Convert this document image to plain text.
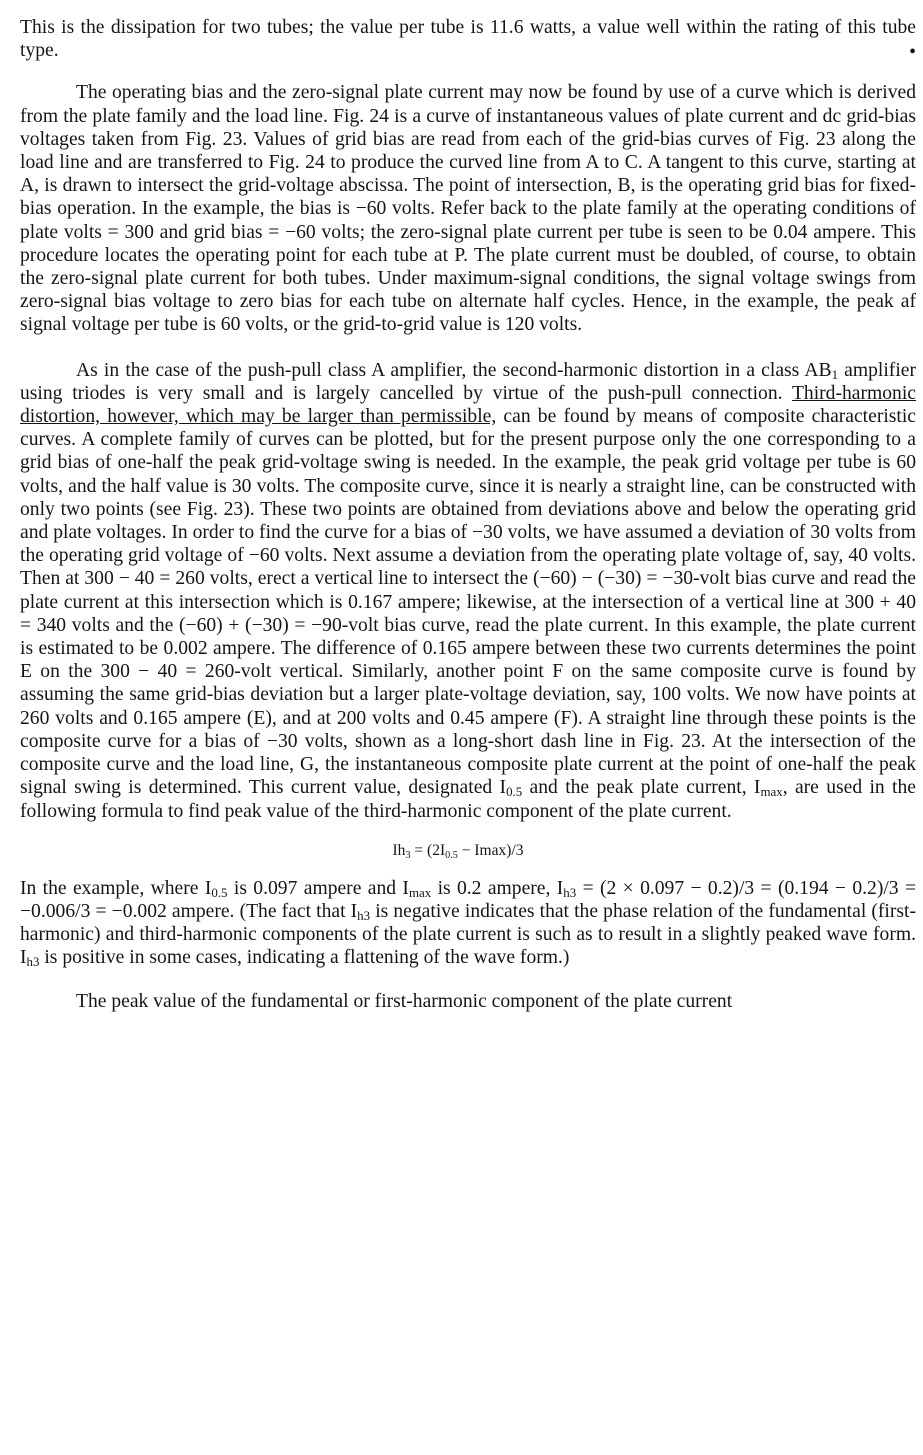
This is the dissipation for two tubes; the value per tube is 11.6 watts, a value well within the rating of this tube type.	•

The operating bias and the zero-signal plate current may now be found by use of a curve which is derived from the plate family and the load line. Fig. 24 is a curve of instantaneous values of plate current and dc grid-bias voltages taken from Fig. 23. Values of grid bias are read from each of the grid-bias curves of Fig. 23 along the load line and are transferred to Fig. 24 to produce the curved line from A to C. A tangent to this curve, starting at A, is drawn to intersect the grid-voltage abscissa. The point of intersection, B, is the operating grid bias for fixed-bias operation. In the example, the bias is −60 volts. Refer back to the plate family at the operating conditions of plate volts = 300 and grid bias = −60 volts; the zero-signal plate current per tube is seen to be 0.04 ampere. This procedure locates the operating point for each tube at P. The plate current must be doubled, of course, to obtain the zero-signal plate current for both tubes. Under maximum-signal conditions, the signal voltage swings from zero-signal bias voltage to zero bias for each tube on alternate half cycles. Hence, in the example, the peak af signal voltage per tube is 60 volts, or the grid-to-grid value is 120 volts.

As in the case of the push-pull class A amplifier, the second-harmonic distortion in a class $AB_1$ amplifier using triodes is very small and is largely cancelled by virtue of the push-pull connection. Third-harmonic distortion, however, which may be larger than permissible, can be found by means of composite characteristic curves. A complete family of curves can be plotted, but for the present purpose only the one corresponding to a grid bias of one-half the peak grid-voltage swing is needed. In the example, the peak grid voltage per tube is 60 volts, and the half value is 30 volts. The composite curve, since it is nearly a straight line, can be constructed with only two points (see Fig. 23). These two points are obtained from deviations above and below the operating grid and plate voltages. In order to find the curve for a bias of −30 volts, we have assumed a deviation of 30 volts from the operating grid voltage of −60 volts. Next assume a deviation from the operating plate voltage of, say, 40 volts. Then at 300 − 40 = 260 volts, erect a vertical line to intersect the (−60) − (−30) = −30-volt bias curve and read the plate current at this intersection which is 0.167 ampere; likewise, at the intersection of a vertical line at 300 + 40 = 340 volts and the (−60) + (−30) = −90-volt bias curve, read the plate current. In this example, the plate current is estimated to be 0.002 ampere. The difference of 0.165 ampere between these two currents determines the point E on the 300 − 40 = 260-volt vertical. Similarly, another point F on the same composite curve is found by assuming the same grid-bias deviation but a larger plate-voltage deviation, say, 100 volts. We now have points at 260 volts and 0.165 ampere (E), and at 200 volts and 0.45 ampere (F). A straight line through these points is the composite curve for a bias of −30 volts, shown as a long-short dash line in Fig. 23. At the intersection of the composite curve and the load line, G, the instantaneous composite plate current at the point of one-half the peak signal swing is determined. This current value, designated $I_{0.5}$ and the peak plate current, $I_{max}$, are used in the following formula to find peak value of the third-harmonic component of the plate current.

$Ih_3 = (2I_{0.5} - Imax)/3$

In the example, where $I_{0.5}$ is 0.097 ampere and $I_{max}$ is 0.2 ampere, $I_{h3} = (2 \times 0.097 - 0.2)/3 = (0.194 - 0.2)/3 = -0.006/3 = -0.002$ ampere. (The fact that $I_{h3}$ is negative indicates that the phase relation of the fundamental (first-harmonic) and third-harmonic components of the plate current is such as to result in a slightly peaked wave form. $I_{h3}$ is positive in some cases, indicating a flattening of the wave form.)

The peak value of the fundamental or first-harmonic component of the plate current
